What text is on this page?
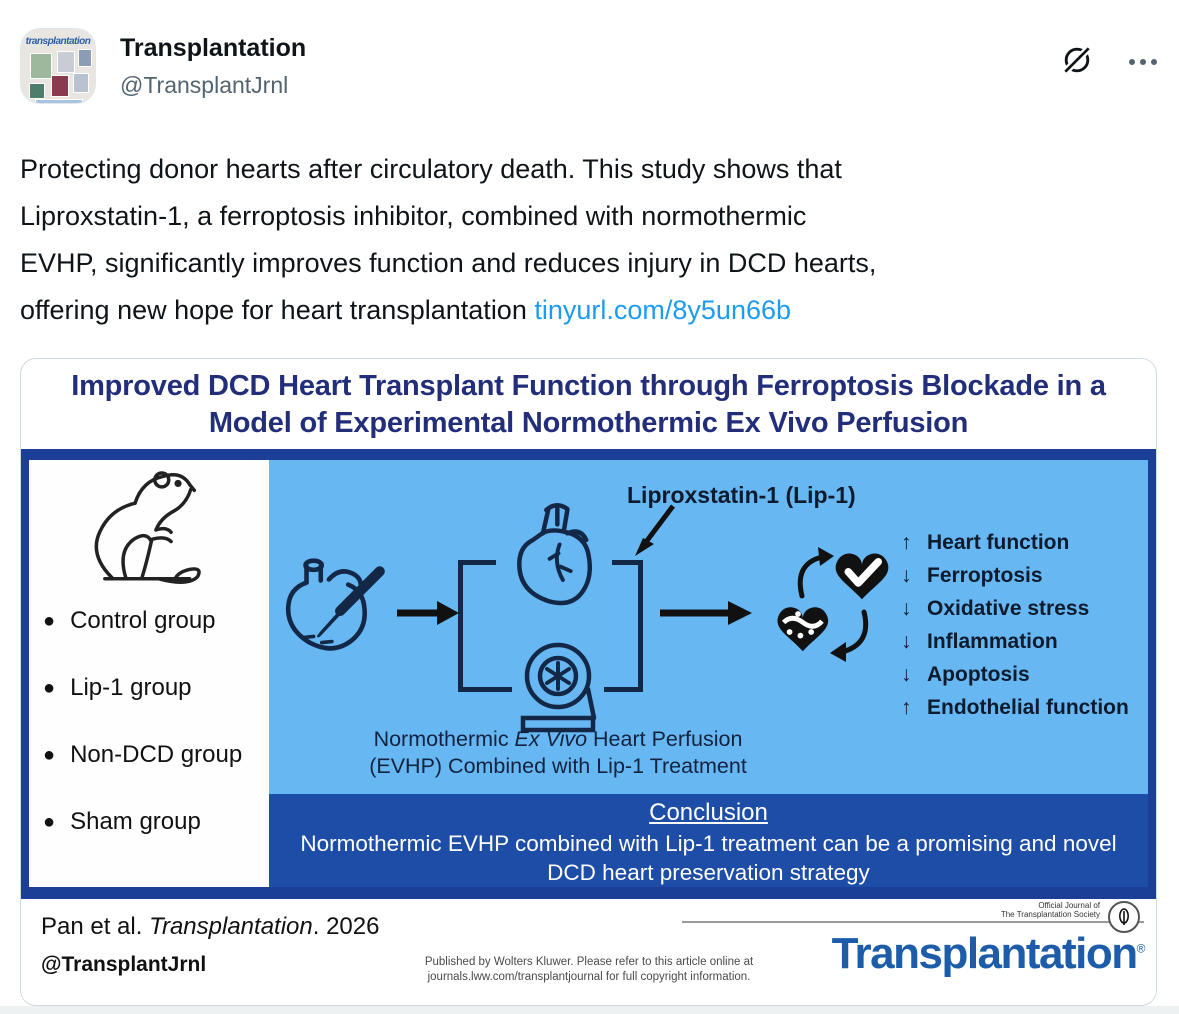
transplantation Transplantation
@TransplantJrnl
Protecting donor hearts after circulatory death. This study shows that
Liproxstatin-1, a ferroptosis inhibitor, combined with normothermic
EVHP, significantly improves function and reduces injury in DCD hearts,
offering new hope for heart transplantation tinyurl.com/8y5un66b
Improved DCD Heart Transplant Function through Ferroptosis Blockade in a
Model of Experimental Normothermic Ex Vivo Perfusion
● Control group
● Lip-1 group
● Non-DCD group
● Sham group
Liproxstatin-1 (Lip-1)
↑ Heart function
↓ Ferroptosis
↓ Oxidative stress
↓ Inflammation
↓ Apoptosis
↑ Endothelial function
Normothermic Ex Vivo Heart Perfusion
(EVHP) Combined with Lip-1 Treatment
Conclusion
Normothermic EVHP combined with Lip-1 treatment can be a promising and novel DCD heart preservation strategy
Pan et al. Transplantation. 2026
@TransplantJrnl	Published by Wolters Kluwer. Please refer to this article online at
journals.lww.com/transplantjournal for full copyright information.
Official Journal of
The Transplantation Society
Transplantation®
